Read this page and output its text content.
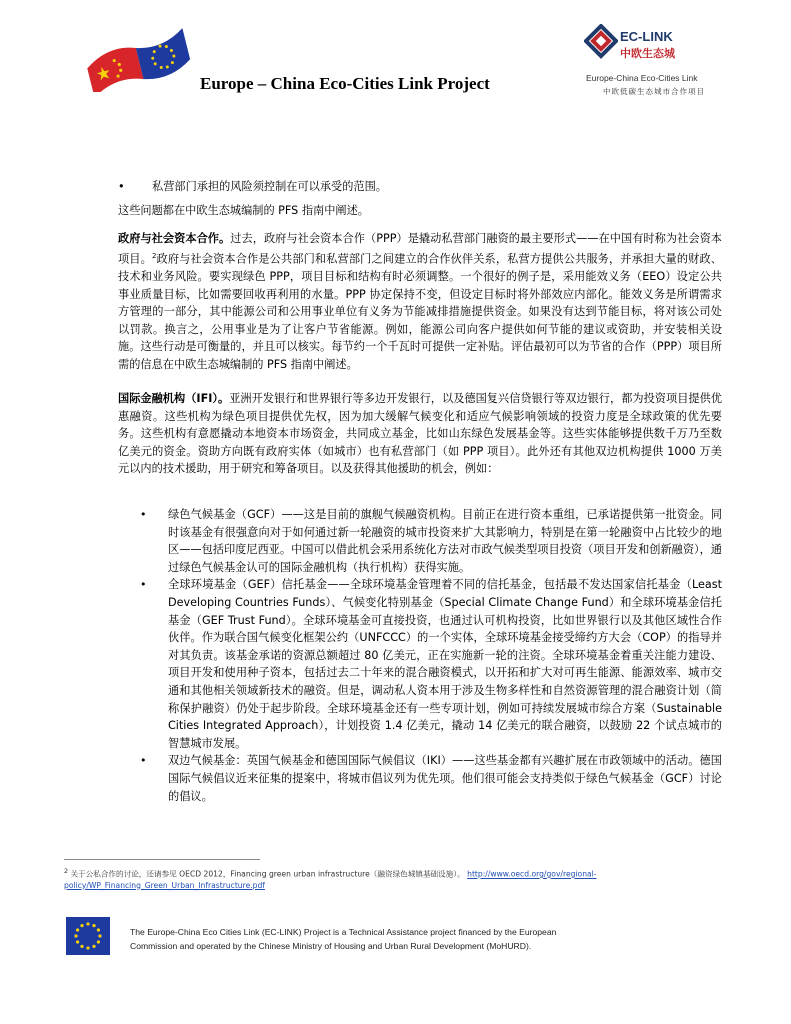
Europe – China Eco-Cities Link Project
EC-LINK
中欧生态城
Europe-China Eco-Cities Link
中欧低碳生态城市合作项目
• 私营部门承担的风险须控制在可以承受的范围。

这些问题都在中欧生态城编制的 PFS 指南中阐述。

政府与社会资本合作。过去，政府与社会资本合作（PPP）是撬动私营部门融资的最主要形式——在中国有时称为社会资本项目。$^2$政府与社会资本合作是公共部门和私营部门之间建立的合作伙伴关系，私营方提供公共服务，并承担大量的财政、技术和业务风险。要实现绿色 PPP，项目目标和结构有时必须调整。一个很好的例子是，采用能效义务（EEO）设定公共事业质量目标，比如需要回收再利用的水量。PPP 协定保持不变，但设定目标时将外部效应内部化。能效义务是所谓需求方管理的一部分，其中能源公司和公用事业单位有义务为节能减排措施提供资金。如果没有达到节能目标，将对该公司处以罚款。换言之，公用事业是为了让客户节省能源。例如，能源公司向客户提供如何节能的建议或资助，并安装相关设施。这些行动是可衡量的，并且可以核实。每节约一个千瓦时可提供一定补贴。评估最初可以为节省的合作（PPP）项目所需的信息在中欧生态城编制的 PFS 指南中阐述。

国际金融机构（IFI）。亚洲开发银行和世界银行等多边开发银行，以及德国复兴信贷银行等双边银行，都为投资项目提供优惠融资。这些机构为绿色项目提供优先权，因为加大缓解气候变化和适应气候影响领域的投资力度是全球政策的优先要务。这些机构有意愿撬动本地资本市场资金，共同成立基金，比如山东绿色发展基金等。这些实体能够提供数千万乃至数亿美元的资金。资助方向既有政府实体（如城市）也有私营部门（如 PPP 项目）。此外还有其他双边机构提供 1000 万美元以内的技术援助，用于研究和筹备项目。以及获得其他援助的机会，例如：

• 绿色气候基金（GCF）——这是目前的旗舰气候融资机构。目前正在进行资本重组，已承诺提供第一批资金。同时该基金有很强意向对于如何通过新一轮融资的城市投资来扩大其影响力，特别是在第一轮融资中占比较少的地区——包括印度尼西亚。中国可以借此机会采用系统化方法对市政气候类型项目投资（项目开发和创新融资），通过绿色气候基金认可的国际金融机构（执行机构）获得实施。
• 全球环境基金（GEF）信托基金——全球环境基金管理着不同的信托基金，包括最不发达国家信托基金（Least Developing Countries Funds）、气候变化特别基金（Special Climate Change Fund）和全球环境基金信托基金（GEF Trust Fund）。全球环境基金可直接投资，也通过认可机构投资，比如世界银行以及其他区域性合作伙伴。作为联合国气候变化框架公约（UNFCCC）的一个实体，全球环境基金接受缔约方大会（COP）的指导并对其负责。该基金承诺的资源总额超过 80 亿美元，正在实施新一轮的注资。全球环境基金着重关注能力建设、项目开发和使用种子资本，包括过去二十年来的混合融资模式，以开拓和扩大对可再生能源、能源效率、城市交通和其他相关领域新技术的融资。但是，调动私人资本用于涉及生物多样性和自然资源管理的混合融资计划（简称保护融资）仍处于起步阶段。全球环境基金还有一些专项计划，例如可持续发展城市综合方案（Sustainable Cities Integrated Approach），计划投资 1.4 亿美元，撬动 14 亿美元的联合融资，以鼓励 22 个试点城市的智慧城市发展。
• 双边气候基金：英国气候基金和德国国际气候倡议（IKI）——这些基金都有兴趣扩展在市政领域中的活动。德国国际气候倡议近来征集的提案中，将城市倡议列为优先项。他们很可能会支持类似于绿色气候基金（GCF）讨论的倡议。
$^2$ 关于公私合作的讨论，还请参见 OECD 2012，Financing green urban infrastructure（融资绿色城镇基础设施）。 http://www.oecd.org/gov/regional-policy/WP_Financing_Green_Urban_Infrastructure.pdf
The Europe-China Eco Cities Link (EC-LINK) Project is a Technical Assistance project financed by the European
Commission and operated by the Chinese Ministry of Housing and Urban Rural Development (MoHURD).
